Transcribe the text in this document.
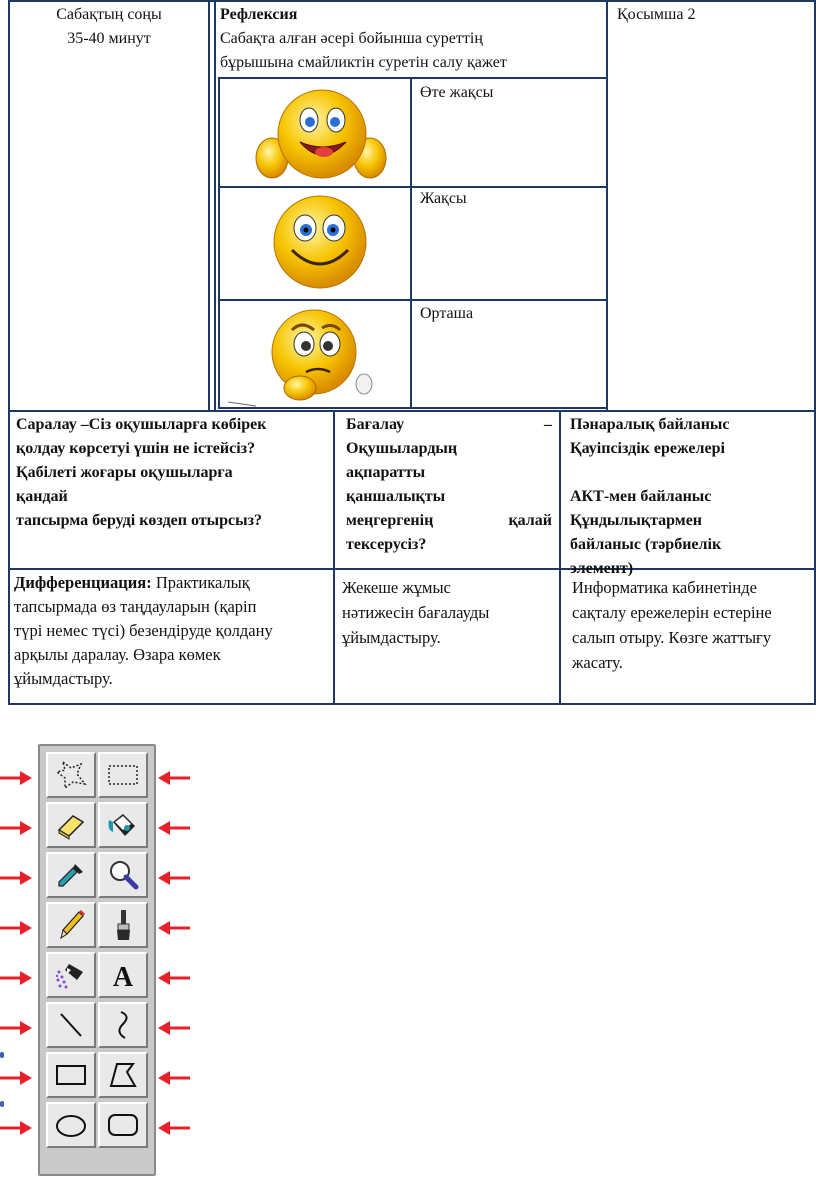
Сабақтың соңы
35-40 минут
Рефлексия
Сабақта алған әсері бойынша суреттің
бұрышына смайликтін суретін салу қажет
Қосымша 2
Өте жақсы
Жақсы
Орташа
Саралау –Сіз оқушыларға көбірек
қолдау көрсетуі үшін не істейсіз?
Қабілеті жоғары оқушыларға
қандай
тапсырма беруді көздеп отырсыз?
Бағалау	–
Оқушылардың
ақпаратты
қаншалықты
меңгергенің	қалай
тексерусіз?
Пәнаралық байланыс
Қауіпсіздік ережелері
АКТ-мен байланыс
Құндылықтармен
байланыс (тәрбиелік
элемент)
Дифференциация: Практикалық
тапсырмада өз таңдауларын (қаріп
түрі немес түсі) безендіруде қолдану
арқылы даралау. Өзара көмек
ұйымдастыру.
Жекеше жұмыс
нәтижесін бағалауды
ұйымдастыру.
Информатика кабинетінде
сақталу ережелерін естеріне
салып отыру. Көзге жаттығу
жасату.
A
